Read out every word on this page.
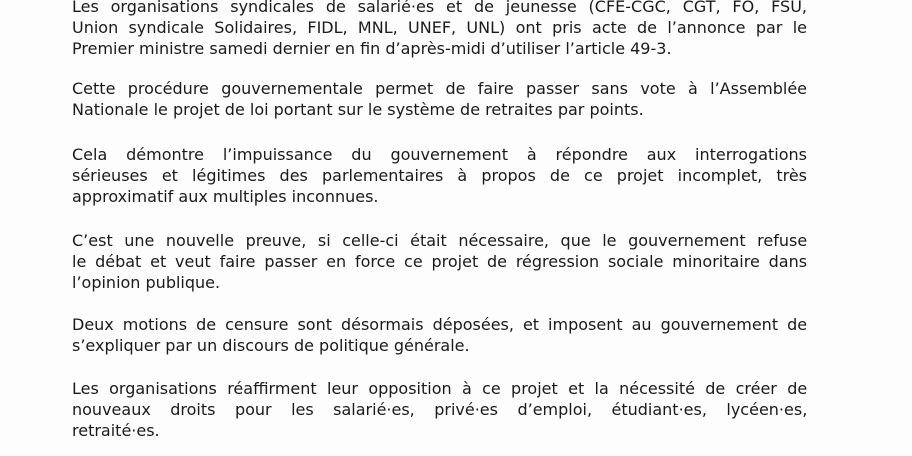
Les organisations syndicales de salarié·es et de jeunesse (CFE-CGC, CGT, FO, FSU,
Union syndicale Solidaires, FIDL, MNL, UNEF, UNL) ont pris acte de l’annonce par le
Premier ministre samedi dernier en fin d’après-midi d’utiliser l’article 49-3.
Cette procédure gouvernementale permet de faire passer sans vote à l’Assemblée
Nationale le projet de loi portant sur le système de retraites par points.
Cela démontre l’impuissance du gouvernement à répondre aux interrogations
sérieuses et légitimes des parlementaires à propos de ce projet incomplet, très
approximatif aux multiples inconnues.
C’est une nouvelle preuve, si celle-ci était nécessaire, que le gouvernement refuse
le débat et veut faire passer en force ce projet de régression sociale minoritaire dans
l’opinion publique.
Deux motions de censure sont désormais déposées, et imposent au gouvernement de
s’expliquer par un discours de politique générale.
Les organisations réaffirment leur opposition à ce projet et la nécessité de créer de
nouveaux droits pour les salarié·es, privé·es d’emploi, étudiant·es, lycéen·es,
retraité·es.
